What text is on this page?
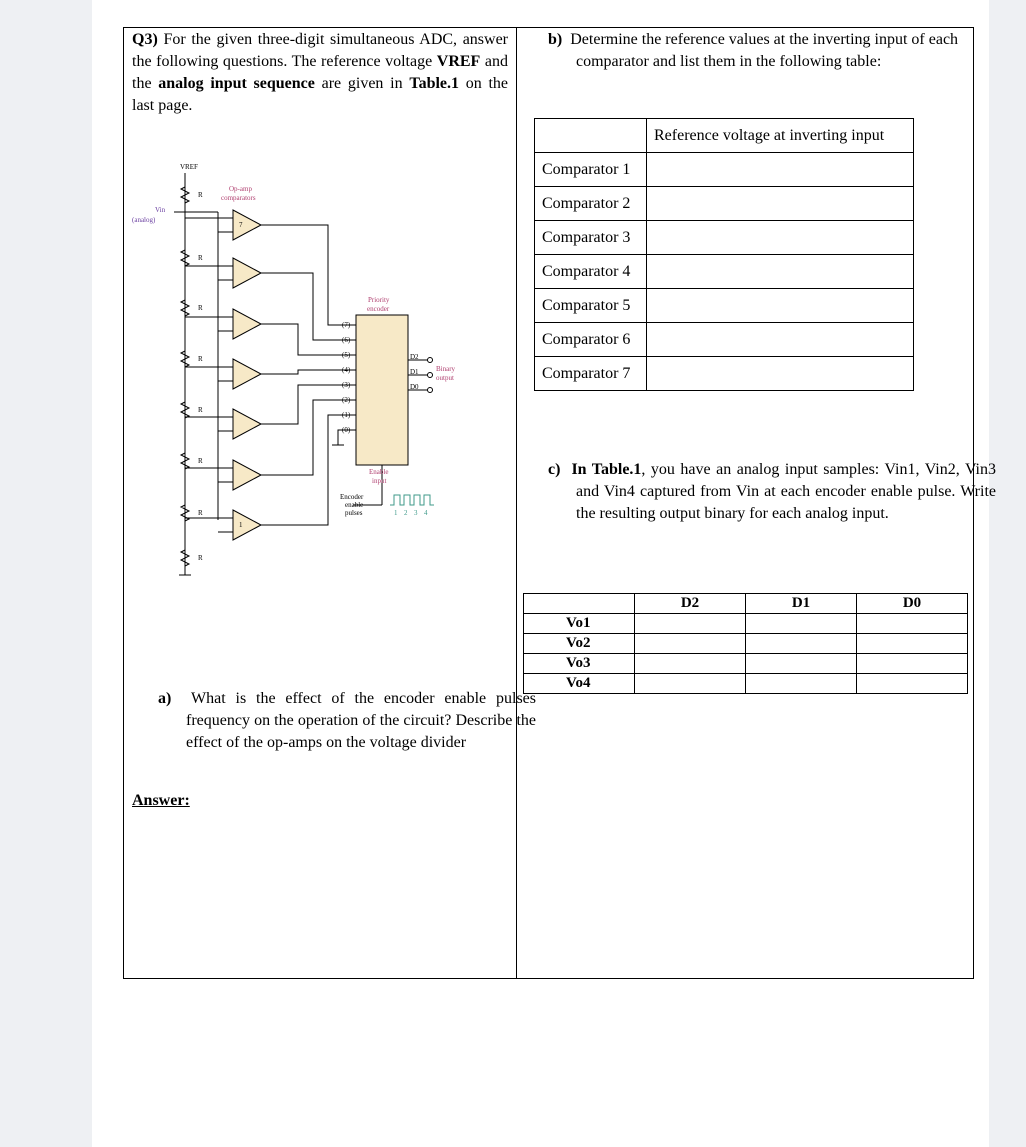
Q3) For the given three-digit simultaneous ADC, answer the following questions. The reference voltage VREF and the analog input sequence are given in Table.1 on the last page.
b) Determine the reference values at the inverting input of each comparator and list them in the following table:
	Reference voltage at inverting input
Comparator 1	
Comparator 2	
Comparator 3	
Comparator 4	
Comparator 5	
Comparator 6	
Comparator 7	
c) In Table.1, you have an analog input samples: Vin1, Vin2, Vin3 and Vin4 captured from Vin at each encoder enable pulse. Write the resulting output binary for each analog input.
	D2	D1	D0
Vo1			
Vo2			
Vo3			
Vo4			
a) What is the effect of the encoder enable pulses frequency on the operation of the circuit? Describe the effect of the op-amps on the voltage divider
Answer:
VREF
Vin
(analog)
Op-amp
comparators
Priority
encoder
Binary
output
Enable
input
Encoder
enable
pulses
R
R
R
R
R
R
R
R
D2
D1
D0
(7)
(6)
(5)
(4)
(3)
(2)
(1)
(0)
7
1
1 2 3 4
